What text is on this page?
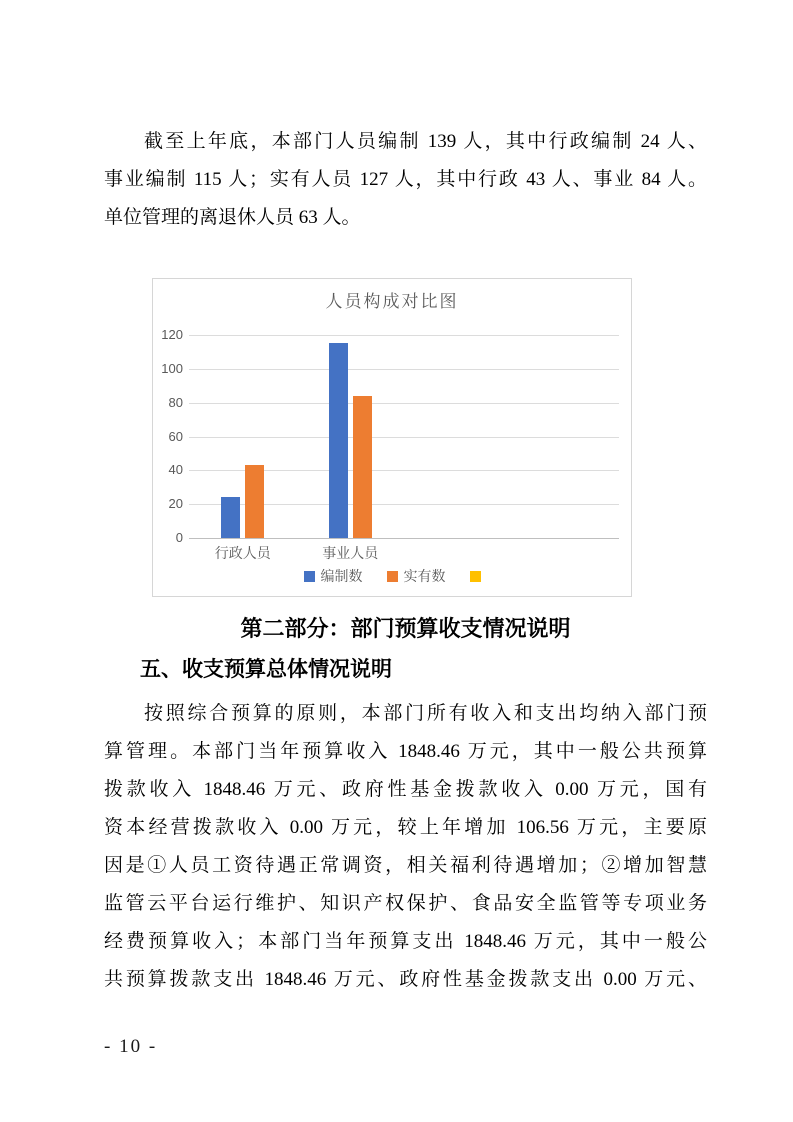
截至上年底，本部门人员编制 139 人，其中行政编制 24 人、
事业编制 115 人；实有人员 127 人，其中行政 43 人、事业 84 人。
单位管理的离退休人员 63 人。
人员构成对比图
编制数	实有数
0
20
40
60
80
100
120
行政人员	事业人员
第二部分：部门预算收支情况说明
五、收支预算总体情况说明
按照综合预算的原则，本部门所有收入和支出均纳入部门预
算管理。本部门当年预算收入 1848.46 万元，其中一般公共预算
拨款收入 1848.46 万元、政府性基金拨款收入 0.00 万元，国有
资本经营拨款收入 0.00 万元，较上年增加 106.56 万元，主要原
因是①人员工资待遇正常调资，相关福利待遇增加；②增加智慧
监管云平台运行维护、知识产权保护、食品安全监管等专项业务
经费预算收入；本部门当年预算支出 1848.46 万元，其中一般公
共预算拨款支出 1848.46 万元、政府性基金拨款支出 0.00 万元、
- 10 -
